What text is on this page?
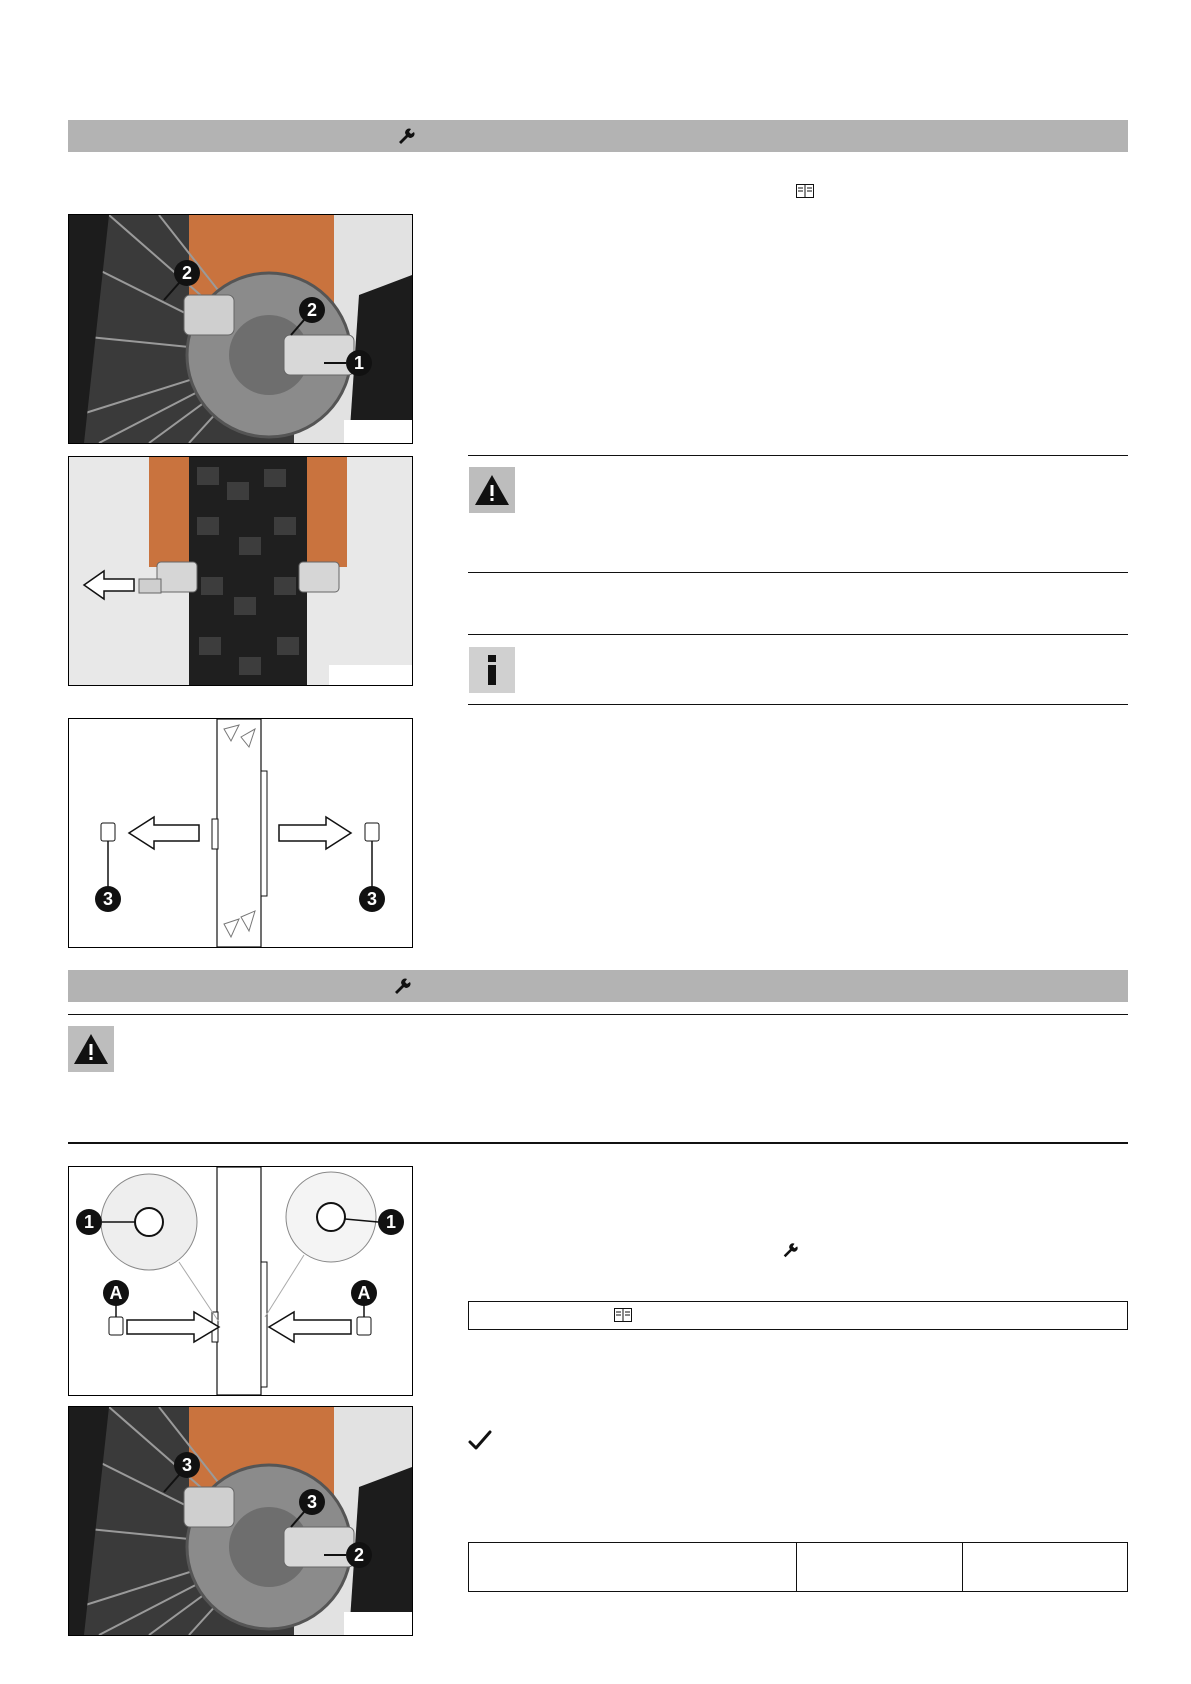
2
2
1
3	3
1	1
A	A
3
3
2
